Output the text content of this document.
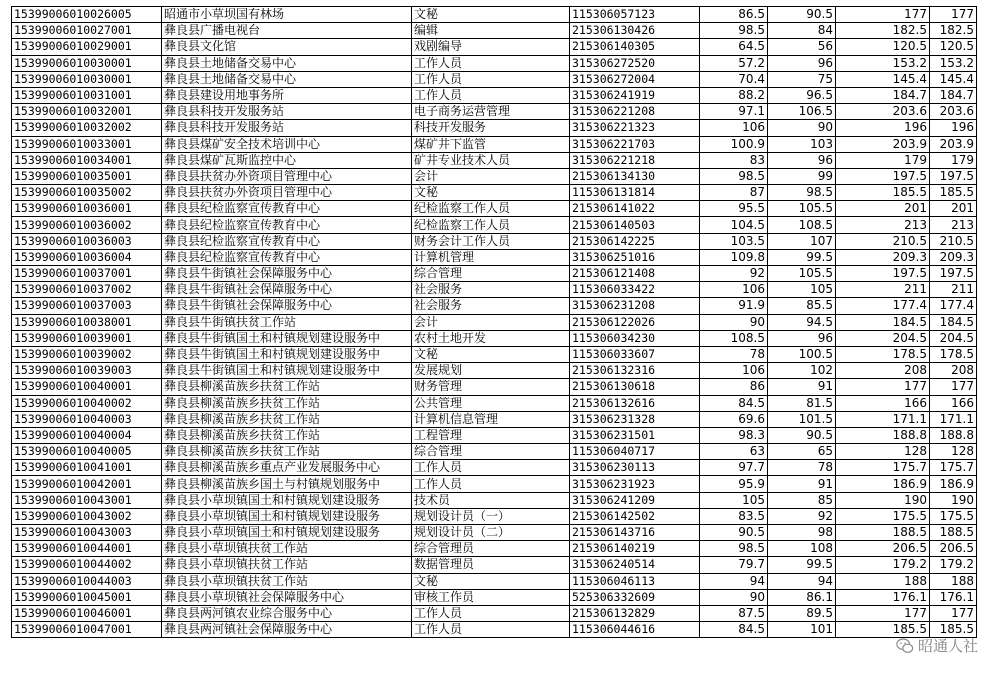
15399006010026005	昭通市小草坝国有林场	文秘	115306057123	86.5	90.5	177	177
15399006010027001	彝良县广播电视台	编辑	215306130426	98.5	84	182.5	182.5
15399006010029001	彝良县文化馆	戏剧编导	215306140305	64.5	56	120.5	120.5
15399006010030001	彝良县土地储备交易中心	工作人员	315306272520	57.2	96	153.2	153.2
15399006010030001	彝良县土地储备交易中心	工作人员	315306272004	70.4	75	145.4	145.4
15399006010031001	彝良县建设用地事务所	工作人员	315306241919	88.2	96.5	184.7	184.7
15399006010032001	彝良县科技开发服务站	电子商务运营管理	315306221208	97.1	106.5	203.6	203.6
15399006010032002	彝良县科技开发服务站	科技开发服务	315306221323	106	90	196	196
15399006010033001	彝良县煤矿安全技术培训中心	煤矿井下监管	315306221703	100.9	103	203.9	203.9
15399006010034001	彝良县煤矿瓦斯监控中心	矿井专业技术人员	315306221218	83	96	179	179
15399006010035001	彝良县扶贫办外资项目管理中心	会计	215306134130	98.5	99	197.5	197.5
15399006010035002	彝良县扶贫办外资项目管理中心	文秘	115306131814	87	98.5	185.5	185.5
15399006010036001	彝良县纪检监察宣传教育中心	纪检监察工作人员	215306141022	95.5	105.5	201	201
15399006010036002	彝良县纪检监察宣传教育中心	纪检监察工作人员	215306140503	104.5	108.5	213	213
15399006010036003	彝良县纪检监察宣传教育中心	财务会计工作人员	215306142225	103.5	107	210.5	210.5
15399006010036004	彝良县纪检监察宣传教育中心	计算机管理	315306251016	109.8	99.5	209.3	209.3
15399006010037001	彝良县牛街镇社会保障服务中心	综合管理	215306121408	92	105.5	197.5	197.5
15399006010037002	彝良县牛街镇社会保障服务中心	社会服务	115306033422	106	105	211	211
15399006010037003	彝良县牛街镇社会保障服务中心	社会服务	315306231208	91.9	85.5	177.4	177.4
15399006010038001	彝良县牛街镇扶贫工作站	会计	215306122026	90	94.5	184.5	184.5
15399006010039001	彝良县牛街镇国土和村镇规划建设服务中	农村土地开发	115306034230	108.5	96	204.5	204.5
15399006010039002	彝良县牛街镇国土和村镇规划建设服务中	文秘	115306033607	78	100.5	178.5	178.5
15399006010039003	彝良县牛街镇国土和村镇规划建设服务中	发展规划	215306132316	106	102	208	208
15399006010040001	彝良县柳溪苗族乡扶贫工作站	财务管理	215306130618	86	91	177	177
15399006010040002	彝良县柳溪苗族乡扶贫工作站	公共管理	215306132616	84.5	81.5	166	166
15399006010040003	彝良县柳溪苗族乡扶贫工作站	计算机信息管理	315306231328	69.6	101.5	171.1	171.1
15399006010040004	彝良县柳溪苗族乡扶贫工作站	工程管理	315306231501	98.3	90.5	188.8	188.8
15399006010040005	彝良县柳溪苗族乡扶贫工作站	综合管理	115306040717	63	65	128	128
15399006010041001	彝良县柳溪苗族乡重点产业发展服务中心	工作人员	315306230113	97.7	78	175.7	175.7
15399006010042001	彝良县柳溪苗族乡国土与村镇规划服务中	工作人员	315306231923	95.9	91	186.9	186.9
15399006010043001	彝良县小草坝镇国土和村镇规划建设服务	技术员	315306241209	105	85	190	190
15399006010043002	彝良县小草坝镇国土和村镇规划建设服务	规划设计员（一）	215306142502	83.5	92	175.5	175.5
15399006010043003	彝良县小草坝镇国土和村镇规划建设服务	规划设计员（二）	215306143716	90.5	98	188.5	188.5
15399006010044001	彝良县小草坝镇扶贫工作站	综合管理员	215306140219	98.5	108	206.5	206.5
15399006010044002	彝良县小草坝镇扶贫工作站	数据管理员	315306240514	79.7	99.5	179.2	179.2
15399006010044003	彝良县小草坝镇扶贫工作站	文秘	115306046113	94	94	188	188
15399006010045001	彝良县小草坝镇社会保障服务中心	审核工作员	525306332609	90	86.1	176.1	176.1
15399006010046001	彝良县两河镇农业综合服务中心	工作人员	215306132829	87.5	89.5	177	177
15399006010047001	彝良县两河镇社会保障服务中心	工作人员	115306044616	84.5	101	185.5	185.5
昭通人社
